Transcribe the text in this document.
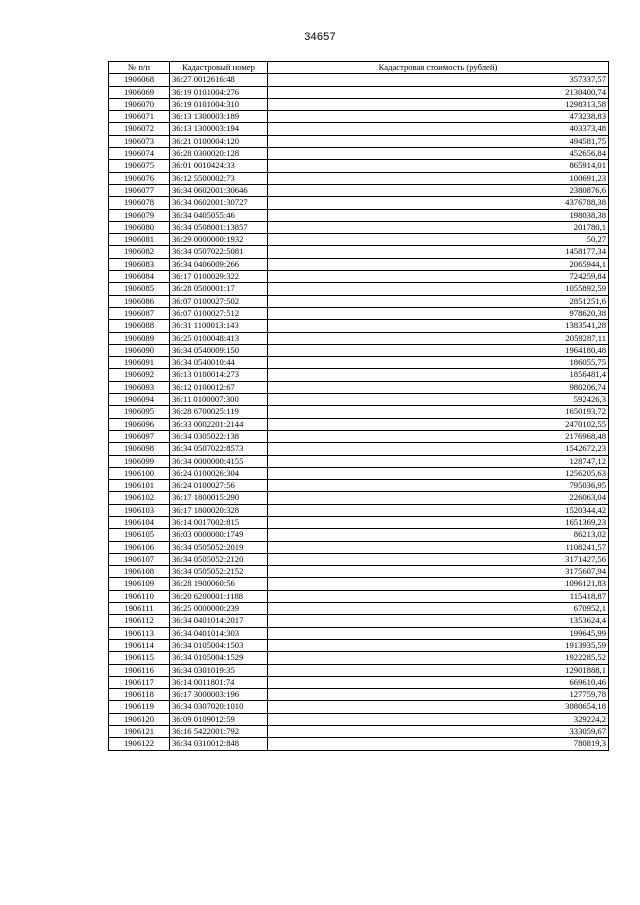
34657
№ п/п	Кадастровый номер	Кадастровая стоимость (рублей)
1906068	36:27 0012616:48	357337,57
1906069	36:19 0101004:276	2130400,74
1906070	36:19 0101004:310	1298313,58
1906071	36:13 1300003:189	473238,83
1906072	36:13 1300003:194	403373,48
1906073	36:21 0100004:120	494581,75
1906074	36:28 0300020:128	452656,84
1906075	36:01 0010424:33	865914,01
1906076	36:12 5500002:73	100691,23
1906077	36:34 0602001:30646	2380876,6
1906078	36:34 0602001:30727	4376788,38
1906079	36:34 0405055:46	198038,38
1906080	36:34 0508001:13857	201780,1
1906081	36:29 0000000:1932	50,27
1906082	36:34 0507022:5081	1458177,34
1906083	36:34 0406009:266	2065944,1
1906084	36:17 0100029:322	724259,84
1906085	36:28 0500001:17	1055892,59
1906086	36:07 0100027:502	2851251,6
1906087	36:07 0100027:512	978620,38
1906088	36:31 1100013:143	1383541,28
1906089	36:25 0100048:413	2059287,11
1906090	36:34 0540009:150	1964180,48
1906091	36:34 0540010:44	186055,75
1906092	36:13 0100014:273	1856481,4
1906093	36:12 0100012:67	980206,74
1906094	36:11 0100007:300	592426,3
1906095	36:28 6700025:119	1650193,72
1906096	36:33 0002201:2144	2470102,55
1906097	36:34 0305022:138	2176968,48
1906098	36:34 0507022:8573	1542672,23
1906099	36:34 0000000:4155	128747,12
1906100	36:24 0100026:304	1256205,63
1906101	36:24 0100027:56	795036,95
1906102	36:17 1800015:290	226063,04
1906103	36:17 1800020:328	1520344,42
1906104	36:14 0017002:815	1651369,23
1906105	36:03 0000000:1749	86213,02
1906106	36:34 0505052:2019	1108241,57
1906107	36:34 0505052:2120	3171427,56
1906108	36:34 0505052:2152	3175607,94
1906109	36:28 1900060:56	1096121,83
1906110	36:20 6200001:1188	115418,87
1906111	36:25 0000000:239	670952,1
1906112	36:34 0401014:2017	1353624,4
1906113	36:34 0401014:303	199645,99
1906114	36:34 0105004:1503	1913935,59
1906115	36:34 0105004:1529	1922285,52
1906116	36:34 0301019:35	12901888,1
1906117	36:14 0011801:74	669610,46
1906118	36:17 3000003:196	127759,78
1906119	36:34 0307020:1010	3080654,18
1906120	36:09 0109012:59	329224,2
1906121	36:16 5422001:792	333059,67
1906122	36:34 0310012:848	780819,3
